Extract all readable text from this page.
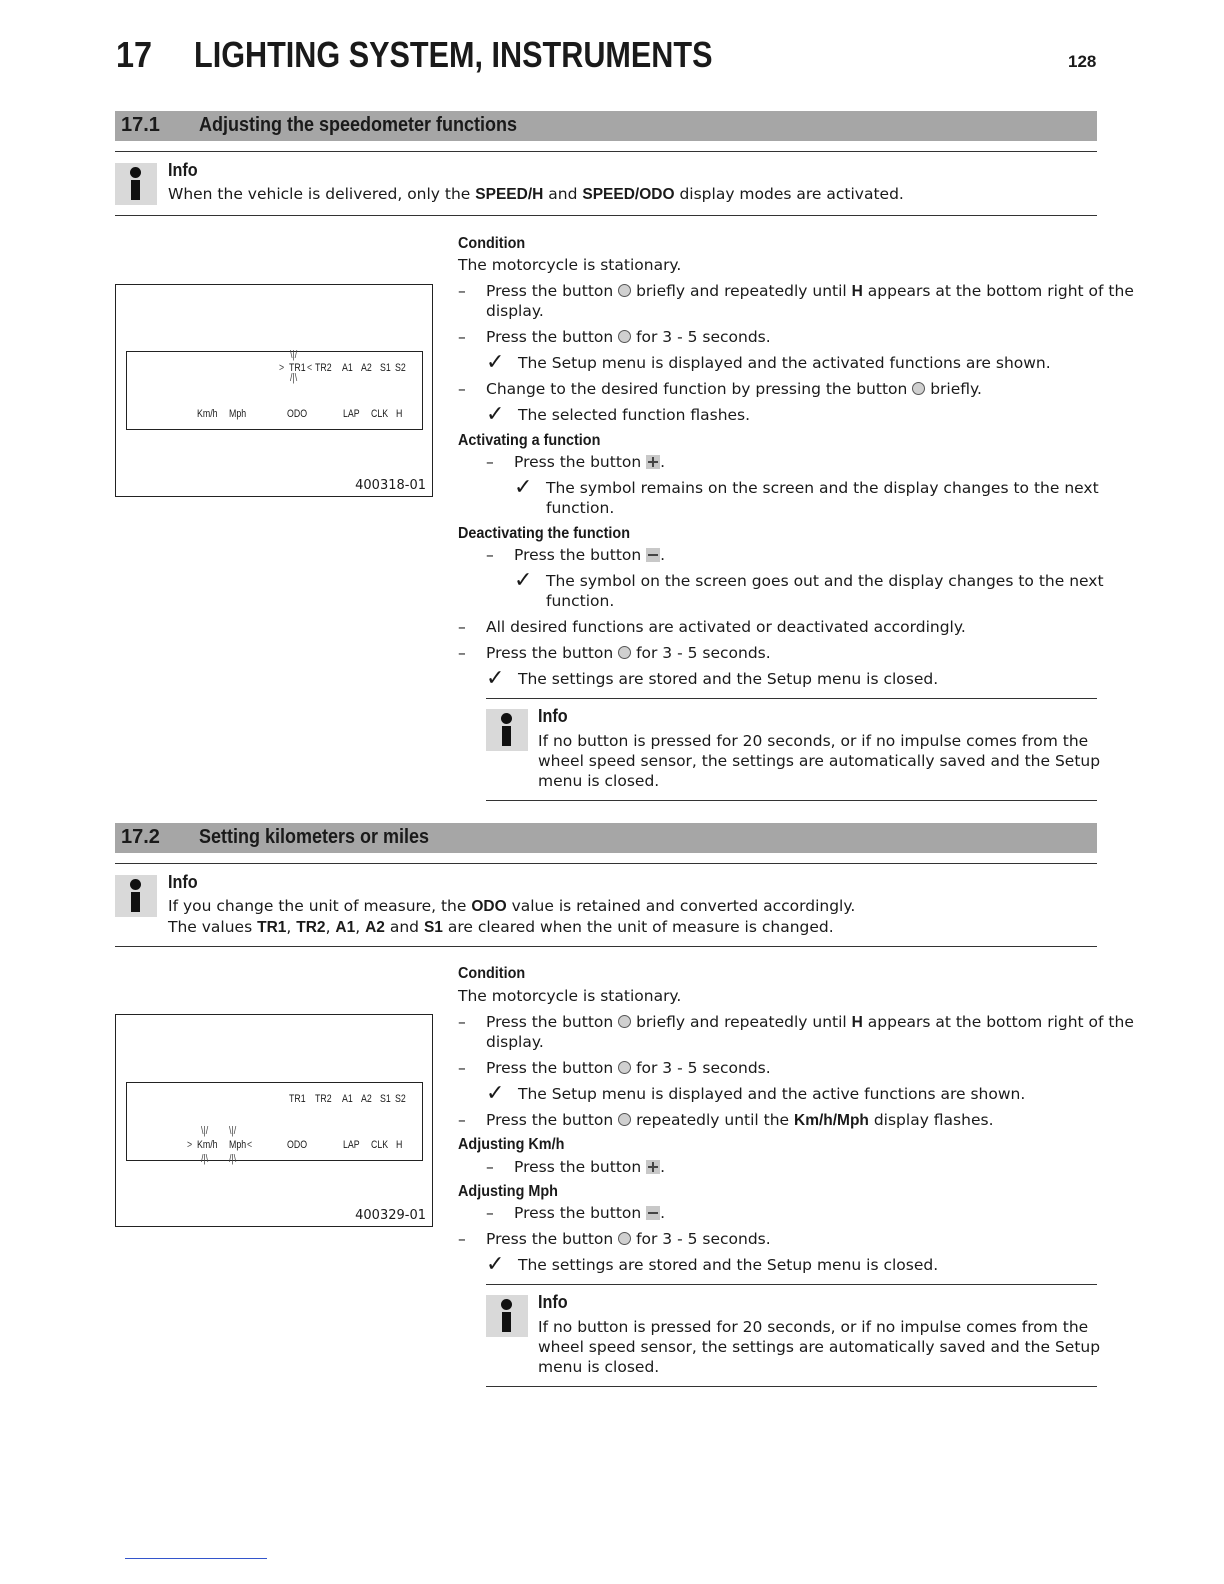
17 LIGHTING SYSTEM, INSTRUMENTS	128
17.1 Adjusting the speedometer functions
Info
When the vehicle is delivered, only the SPEED/H and SPEED/ODO display modes are activated.
\|/
> TR1 <
/|\
TR2 A1 A2 S1 S2
Km/h Mph	ODO	LAP CLK H
400318-01
Condition
The motorcycle is stationary.
–	Press the button  briefly and repeatedly until H appears at the bottom right of the
display.
–	Press the button  for 3 - 5 seconds.
✓ The Setup menu is displayed and the activated functions are shown.
–	Change to the desired function by pressing the button  briefly.
✓ The selected function flashes.
Activating a function
–	Press the button
.
✓ The symbol remains on the screen and the display changes to the next
function.
Deactivating the function
–	Press the button
.
✓ The symbol on the screen goes out and the display changes to the next
function.
–	All desired functions are activated or deactivated accordingly.
–	Press the button  for 3 - 5 seconds.
✓ The settings are stored and the Setup menu is closed.
Info
If no button is pressed for 20 seconds, or if no impulse comes from the
wheel speed sensor, the settings are automatically saved and the Setup
menu is closed.
17.2 Setting kilometers or miles
Info
If you change the unit of measure, the ODO value is retained and converted accordingly.
The values TR1, TR2, A1, A2 and S1 are cleared when the unit of measure is changed.
TR1 TR2 A1 A2 S1 S2
\|/ \|/
> Km/h Mph <
/|\ /|\
ODO	LAP CLK H
400329-01
Condition
The motorcycle is stationary.
–	Press the button  briefly and repeatedly until H appears at the bottom right of the
display.
–	Press the button  for 3 - 5 seconds.
✓ The Setup menu is displayed and the active functions are shown.
–	Press the button  repeatedly until the Km/h/Mph display flashes.
Adjusting Km/h
–	Press the button
.
Adjusting Mph
–	Press the button
.
–	Press the button  for 3 - 5 seconds.
✓ The settings are stored and the Setup menu is closed.
Info
If no button is pressed for 20 seconds, or if no impulse comes from the
wheel speed sensor, the settings are automatically saved and the Setup
menu is closed.
